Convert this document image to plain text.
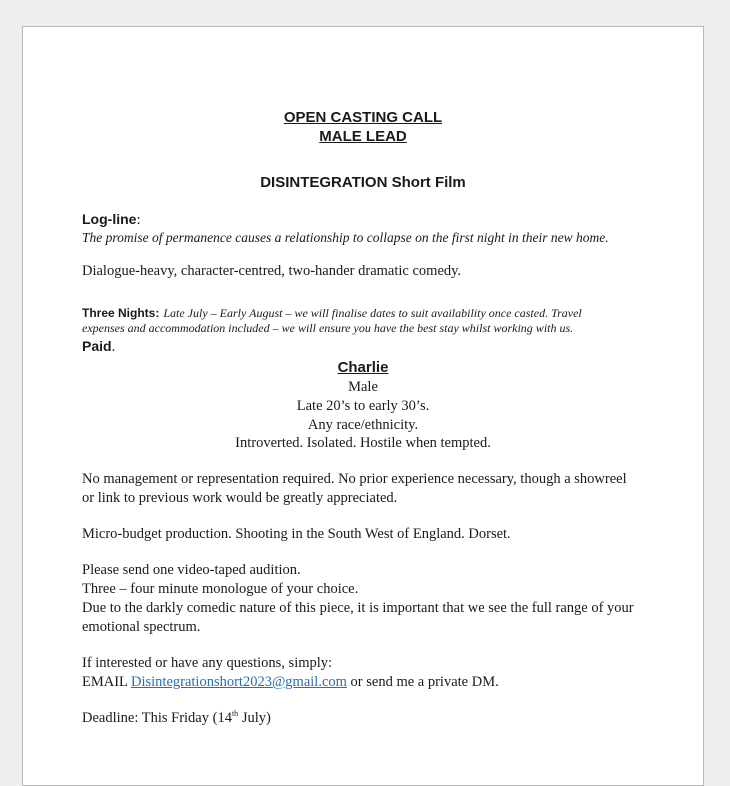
OPEN CASTING CALL
MALE LEAD
DISINTEGRATION Short Film
Log-line:
The promise of permanence causes a relationship to collapse on the first night in their new home.
Dialogue-heavy, character-centred, two-hander dramatic comedy.
Three Nights: Late July – Early August – we will finalise dates to suit availability once casted. Travel
expenses and accommodation included – we will ensure you have the best stay whilst working with us.
Paid.
Charlie
Male
Late 20’s to early 30’s.
Any race/ethnicity.
Introverted. Isolated. Hostile when tempted.
No management or representation required. No prior experience necessary, though a showreel
or link to previous work would be greatly appreciated.
Micro-budget production. Shooting in the South West of England. Dorset.
Please send one video-taped audition.
Three – four minute monologue of your choice.
Due to the darkly comedic nature of this piece, it is important that we see the full range of your
emotional spectrum.
If interested or have any questions, simply:
EMAIL Disintegrationshort2023@gmail.com or send me a private DM.
Deadline: This Friday (14th July)
